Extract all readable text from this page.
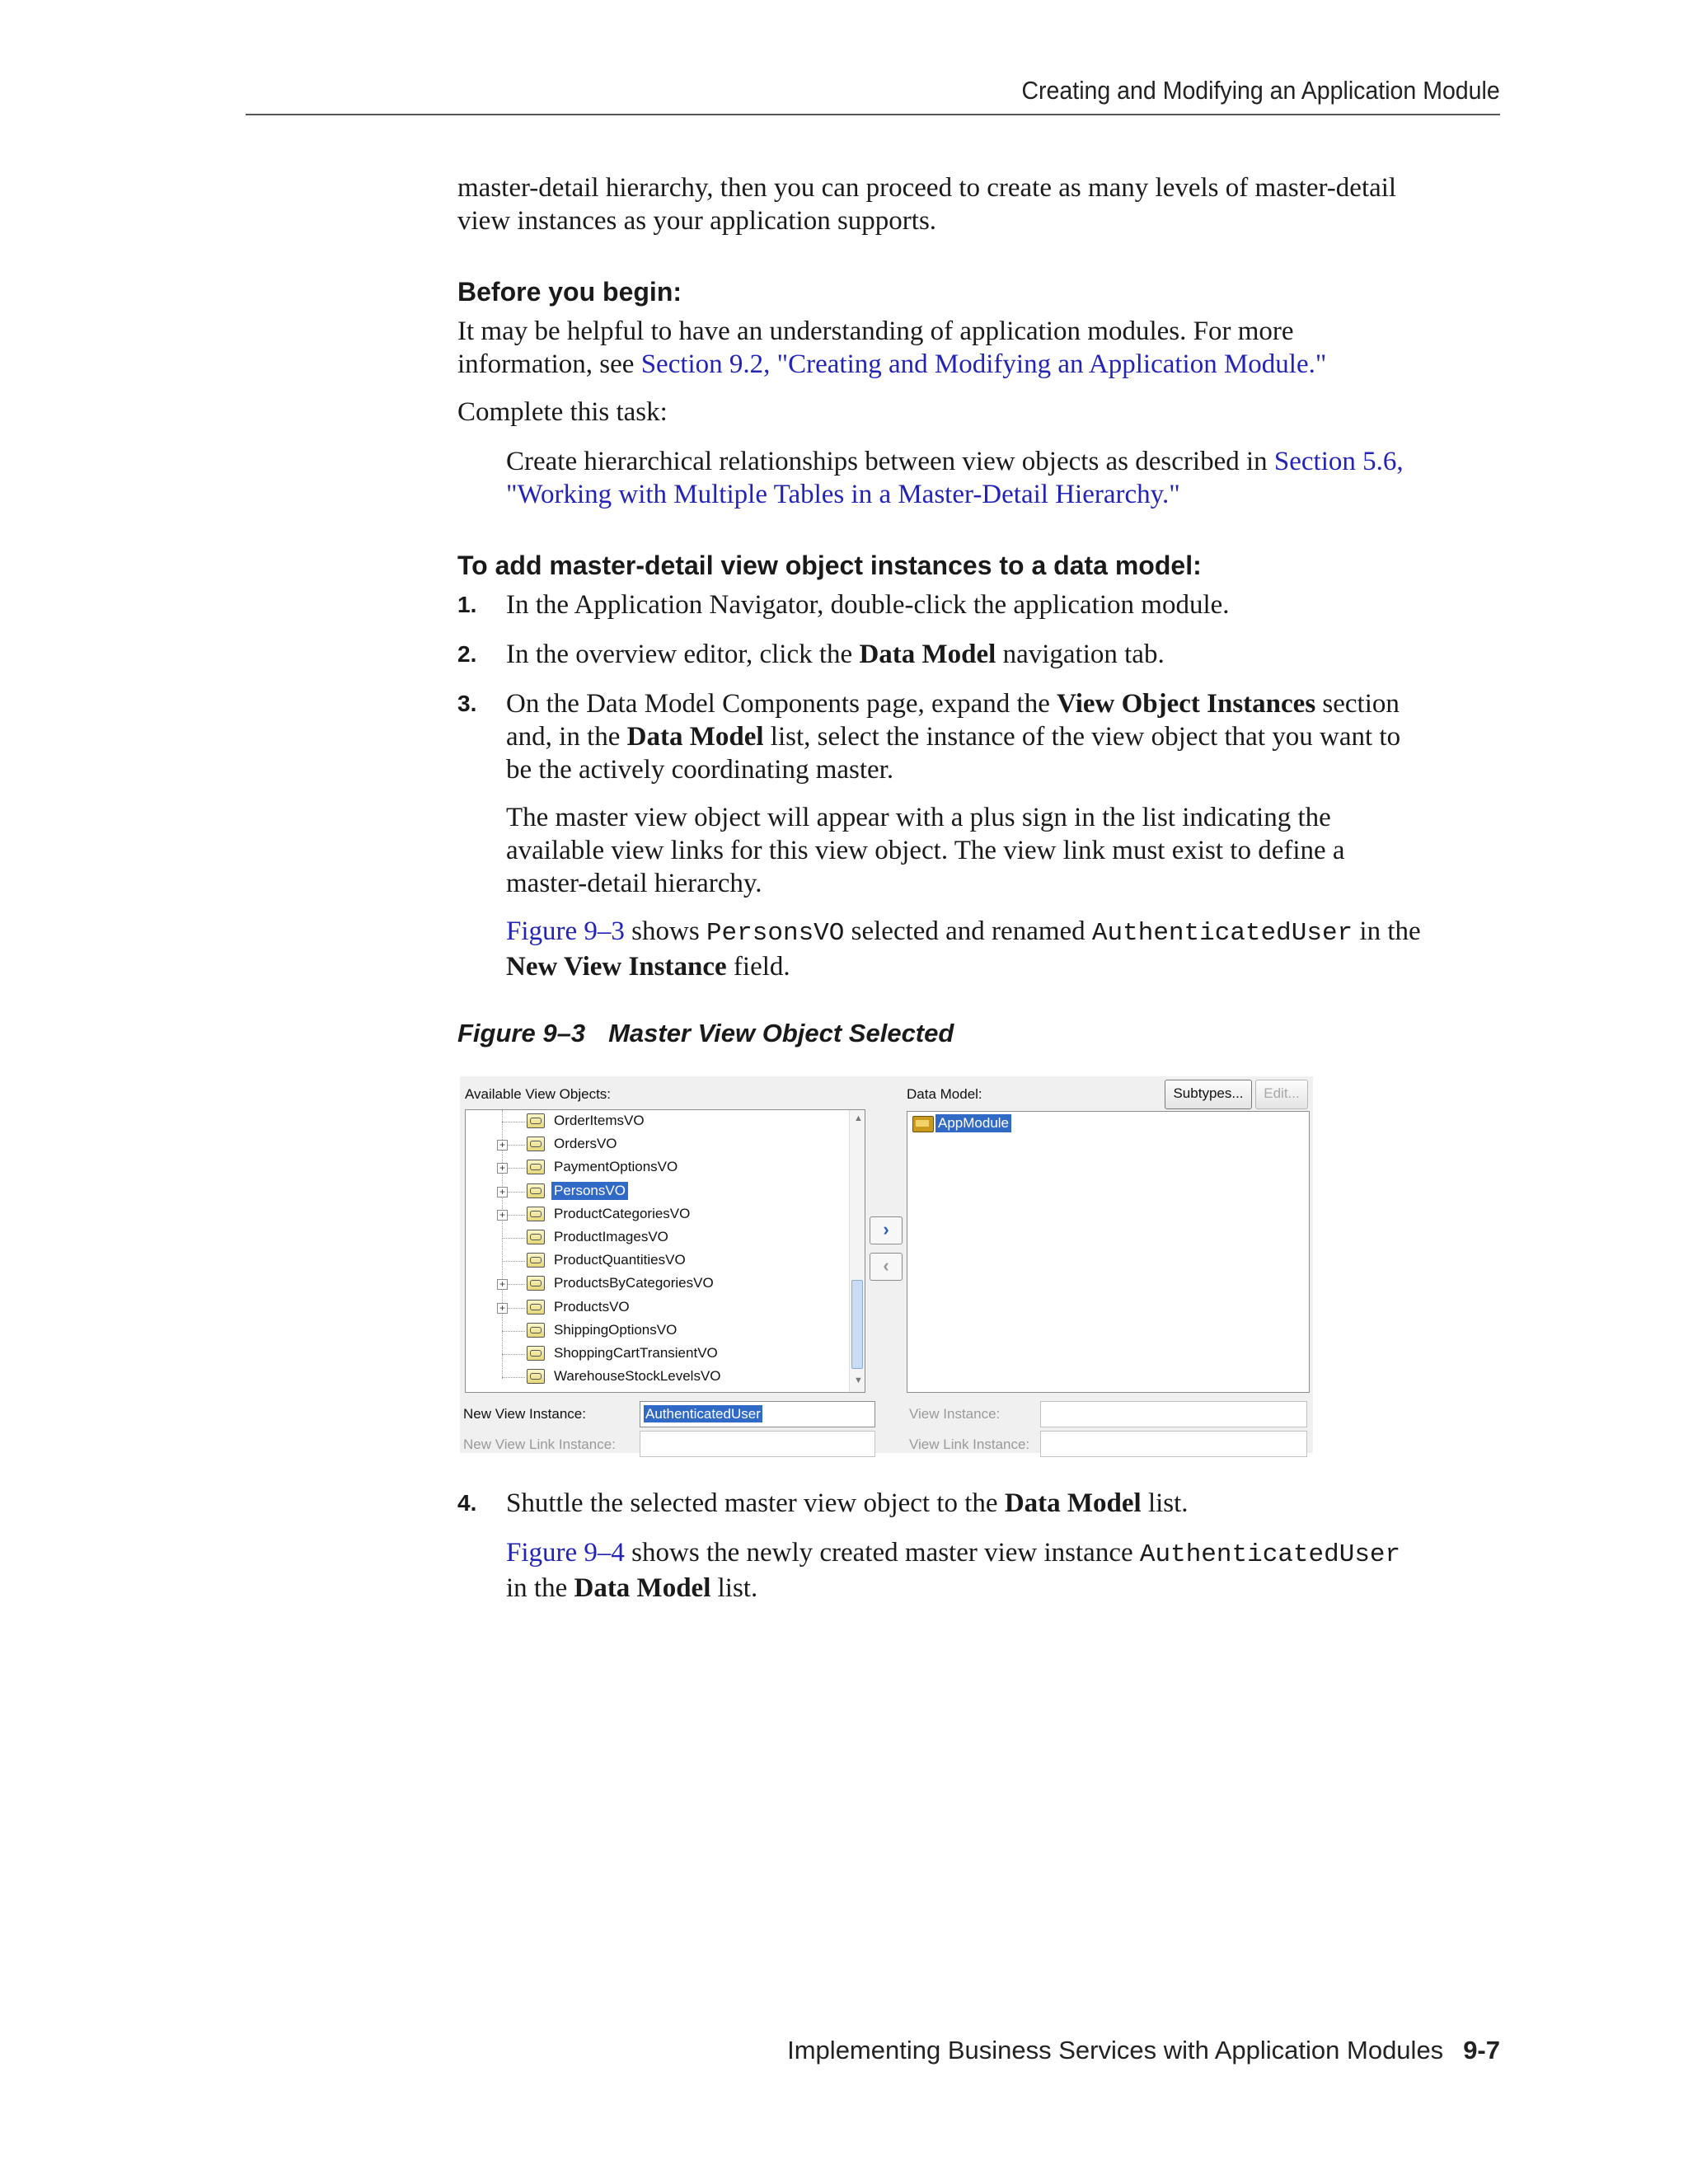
Creating and Modifying an Application Module
master-detail hierarchy, then you can proceed to create as many levels of master-detail
view instances as your application supports.
Before you begin:
It may be helpful to have an understanding of application modules. For more
information, see Section 9.2, "Creating and Modifying an Application Module."
Complete this task:
Create hierarchical relationships between view objects as described in Section 5.6,
"Working with Multiple Tables in a Master-Detail Hierarchy."
To add master-detail view object instances to a data model:
1. In the Application Navigator, double-click the application module.
2. In the overview editor, click the Data Model navigation tab.
3. On the Data Model Components page, expand the View Object Instances section
and, in the Data Model list, select the instance of the view object that you want to
be the actively coordinating master.
The master view object will appear with a plus sign in the list indicating the
available view links for this view object. The view link must exist to define a
master-detail hierarchy.
Figure 9–3 shows PersonsVO selected and renamed AuthenticatedUser in the
New View Instance field.
Figure 9–3 Master View Object Selected
Available View Objects:	Data Model:	Subtypes...	Edit...
OrderItemsVO
+	OrdersVO
+	PaymentOptionsVO
+	PersonsVO
+	ProductCategoriesVO
ProductImagesVO
ProductQuantitiesVO
+	ProductsByCategoriesVO
+	ProductsVO
ShippingOptionsVO
ShoppingCartTransientVO
WarehouseStockLevelsVO
▲
▼
›
‹
AppModule
New View Instance:	AuthenticatedUser
New View Link Instance:
View Instance:
View Link Instance:
4. Shuttle the selected master view object to the Data Model list.
Figure 9–4 shows the newly created master view instance AuthenticatedUser
in the Data Model list.
Implementing Business Services with Application Modules 9-7
